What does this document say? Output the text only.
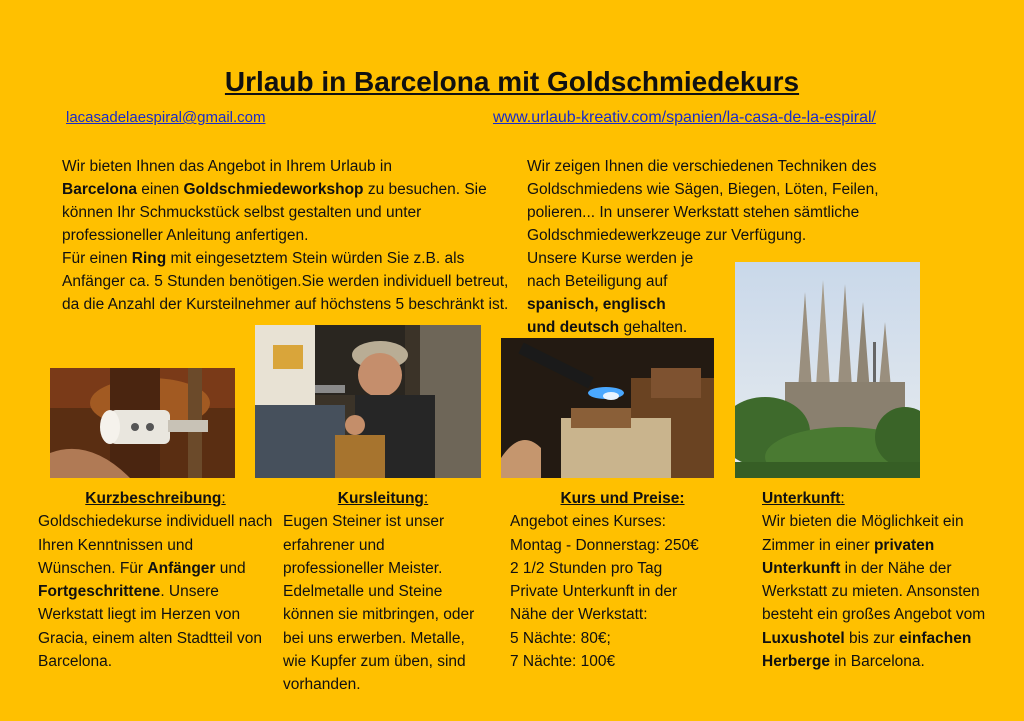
Urlaub in Barcelona mit Goldschmiedekurs
lacasadelaespiral@gmail.com	www.urlaub-kreativ.com/spanien/la-casa-de-la-espiral/
Wir bieten Ihnen das Angebot in Ihrem Urlaub in
Barcelona einen Goldschmiedeworkshop zu besuchen. Sie können Ihr Schmuckstück selbst gestalten und unter professioneller Anleitung anfertigen.
Für einen Ring mit eingesetztem Stein würden Sie z.B. als Anfänger ca. 5 Stunden benötigen.Sie werden individuell betreut, da die Anzahl der Kursteilnehmer auf höchstens 5 beschränkt ist.
Wir zeigen Ihnen die verschiedenen Techniken des Goldschmiedens wie Sägen, Biegen, Löten, Feilen, polieren... In unserer Werkstatt stehen sämtliche Goldschmiedewerkzeuge zur Verfügung.
Unsere Kurse werden je nach Beteiligung auf
spanisch, englisch
und deutsch gehalten.
Kurzbeschreibung:
Goldschiedekurse individuell nach Ihren Kenntnissen und Wünschen. Für Anfänger und Fortgeschrittene. Unsere Werkstatt liegt im Herzen von Gracia, einem alten Stadtteil von Barcelona.
Kursleitung:
Eugen Steiner ist unser erfahrener und professioneller Meister. Edelmetalle und Steine können sie mitbringen, oder bei uns erwerben. Metalle, wie Kupfer zum üben, sind vorhanden.
Kurs und Preise:
Angebot eines Kurses:
Montag - Donnerstag: 250€
2 1/2 Stunden pro Tag
Private Unterkunft in der
Nähe der Werkstatt:
5 Nächte: 80€;
7 Nächte: 100€
Unterkunft:
Wir bieten die Möglichkeit ein Zimmer in einer privaten Unterkunft in der Nähe der Werkstatt zu mieten. Ansonsten besteht ein großes Angebot vom Luxushotel bis zur einfachen Herberge in Barcelona.
